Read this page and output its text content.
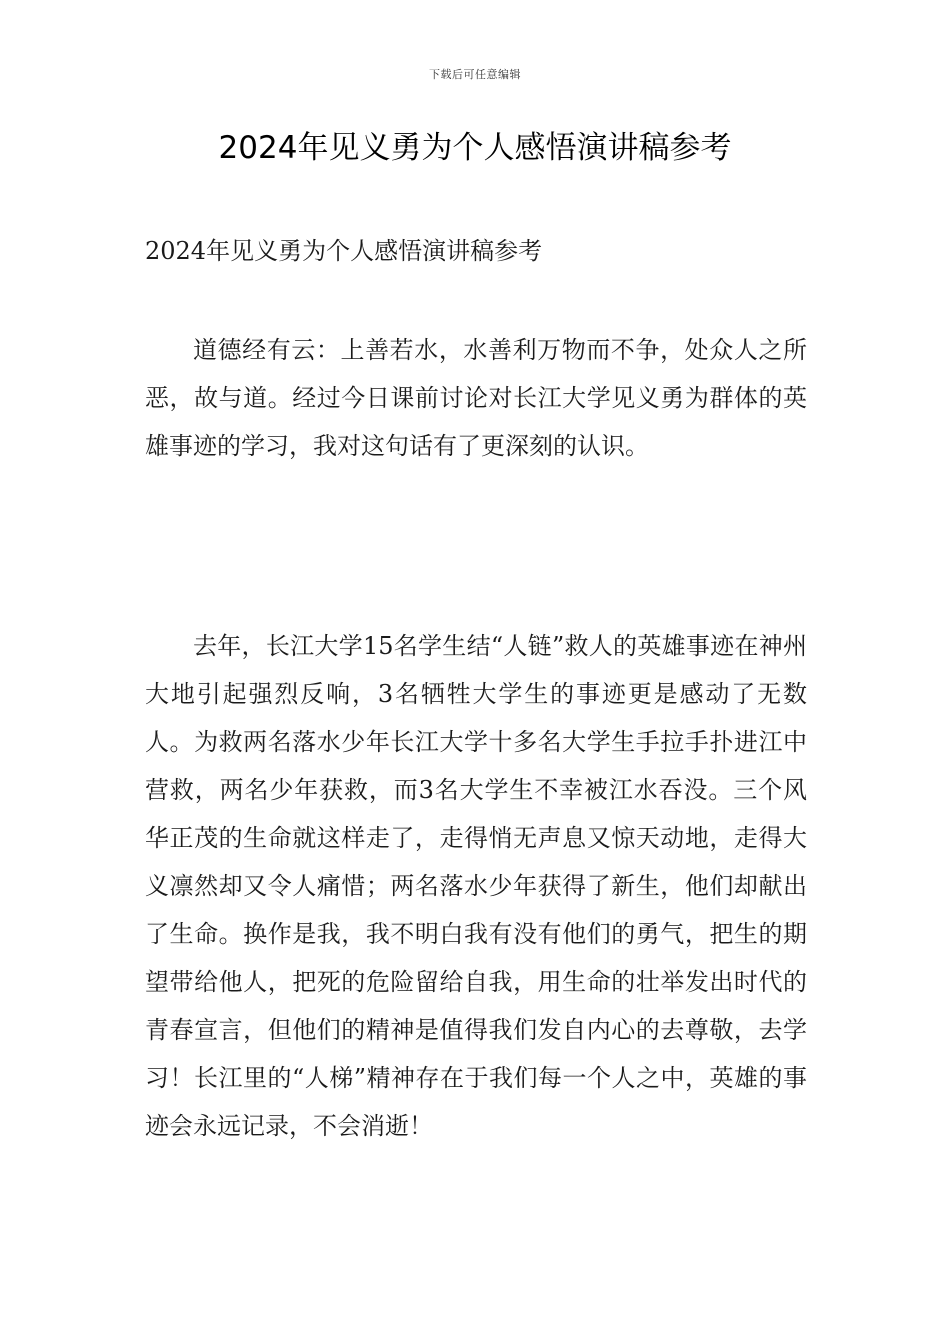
下载后可任意编辑
2024年见义勇为个人感悟演讲稿参考
2024年见义勇为个人感悟演讲稿参考

道德经有云：上善若水，水善利万物而不争，处众人之所恶，故与道。经过今日课前讨论对长江大学见义勇为群体的英雄事迹的学习，我对这句话有了更深刻的认识。

去年，长江大学15名学生结“人链”救人的英雄事迹在神州大地引起强烈反响，3名牺牲大学生的事迹更是感动了无数人。为救两名落水少年长江大学十多名大学生手拉手扑进江中营救，两名少年获救，而3名大学生不幸被江水吞没。三个风华正茂的生命就这样走了，走得悄无声息又惊天动地，走得大义凛然却又令人痛惜；两名落水少年获得了新生，他们却献出了生命。换作是我，我不明白我有没有他们的勇气，把生的期望带给他人，把死的危险留给自我，用生命的壮举发出时代的青春宣言，但他们的精神是值得我们发自内心的去尊敬，去学习！长江里的“人梯”精神存在于我们每一个人之中，英雄的事迹会永远记录，不会消逝！
